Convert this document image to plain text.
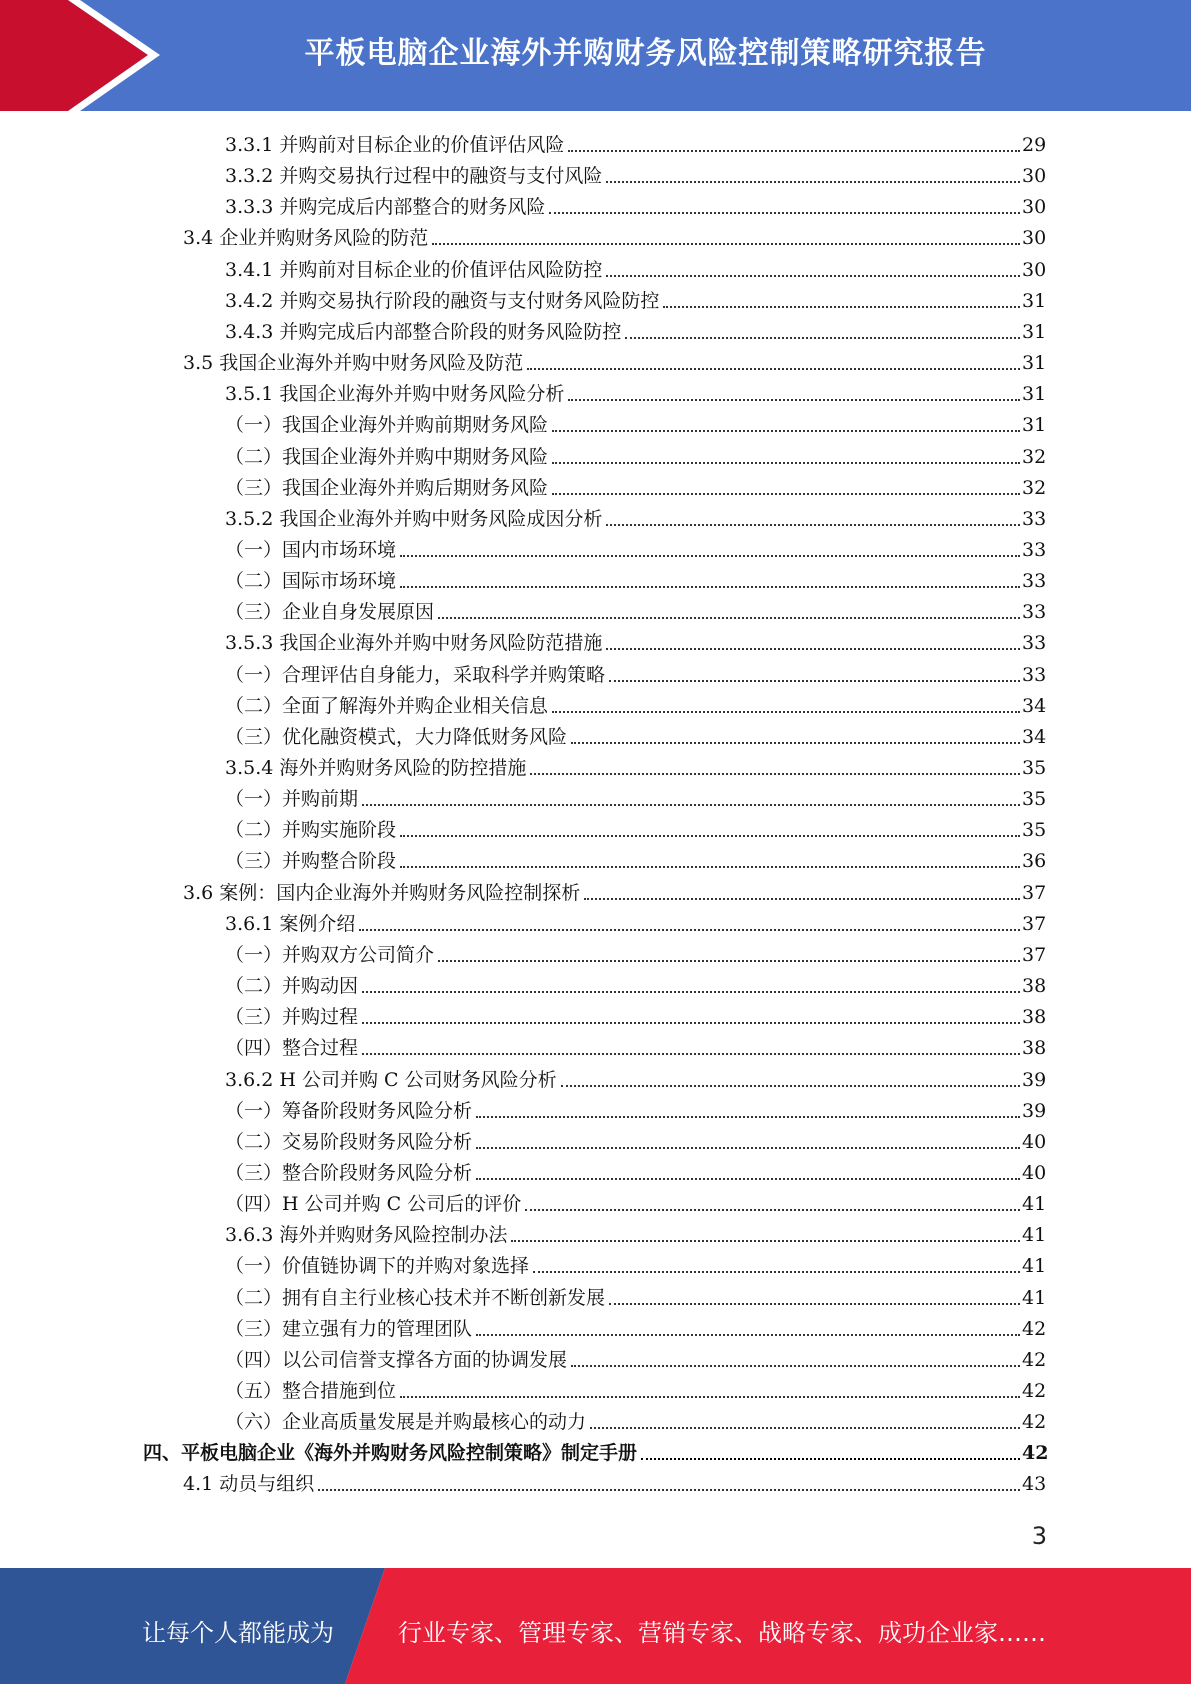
平板电脑企业海外并购财务风险控制策略研究报告
3.3.1 并购前对目标企业的价值评估风险	29
3.3.2 并购交易执行过程中的融资与支付风险	30
3.3.3 并购完成后内部整合的财务风险	30
3.4 企业并购财务风险的防范	30
3.4.1 并购前对目标企业的价值评估风险防控	30
3.4.2 并购交易执行阶段的融资与支付财务风险防控	31
3.4.3 并购完成后内部整合阶段的财务风险防控	31
3.5 我国企业海外并购中财务风险及防范	31
3.5.1 我国企业海外并购中财务风险分析	31
（一）我国企业海外并购前期财务风险	31
（二）我国企业海外并购中期财务风险	32
（三）我国企业海外并购后期财务风险	32
3.5.2 我国企业海外并购中财务风险成因分析	33
（一）国内市场环境	33
（二）国际市场环境	33
（三）企业自身发展原因	33
3.5.3 我国企业海外并购中财务风险防范措施	33
（一）合理评估自身能力，采取科学并购策略	33
（二）全面了解海外并购企业相关信息	34
（三）优化融资模式，大力降低财务风险	34
3.5.4 海外并购财务风险的防控措施	35
（一）并购前期	35
（二）并购实施阶段	35
（三）并购整合阶段	36
3.6 案例：国内企业海外并购财务风险控制探析	37
3.6.1 案例介绍	37
（一）并购双方公司简介	37
（二）并购动因	38
（三）并购过程	38
（四）整合过程	38
3.6.2 H 公司并购 C 公司财务风险分析	39
（一）筹备阶段财务风险分析	39
（二）交易阶段财务风险分析	40
（三）整合阶段财务风险分析	40
（四）H 公司并购 C 公司后的评价	41
3.6.3 海外并购财务风险控制办法	41
（一）价值链协调下的并购对象选择	41
（二）拥有自主行业核心技术并不断创新发展	41
（三）建立强有力的管理团队	42
（四）以公司信誉支撑各方面的协调发展	42
（五）整合措施到位	42
（六）企业高质量发展是并购最核心的动力	42
四、平板电脑企业《海外并购财务风险控制策略》制定手册	42
4.1 动员与组织	43
3
让每个人都能成为	行业专家、管理专家、营销专家、战略专家、成功企业家……
